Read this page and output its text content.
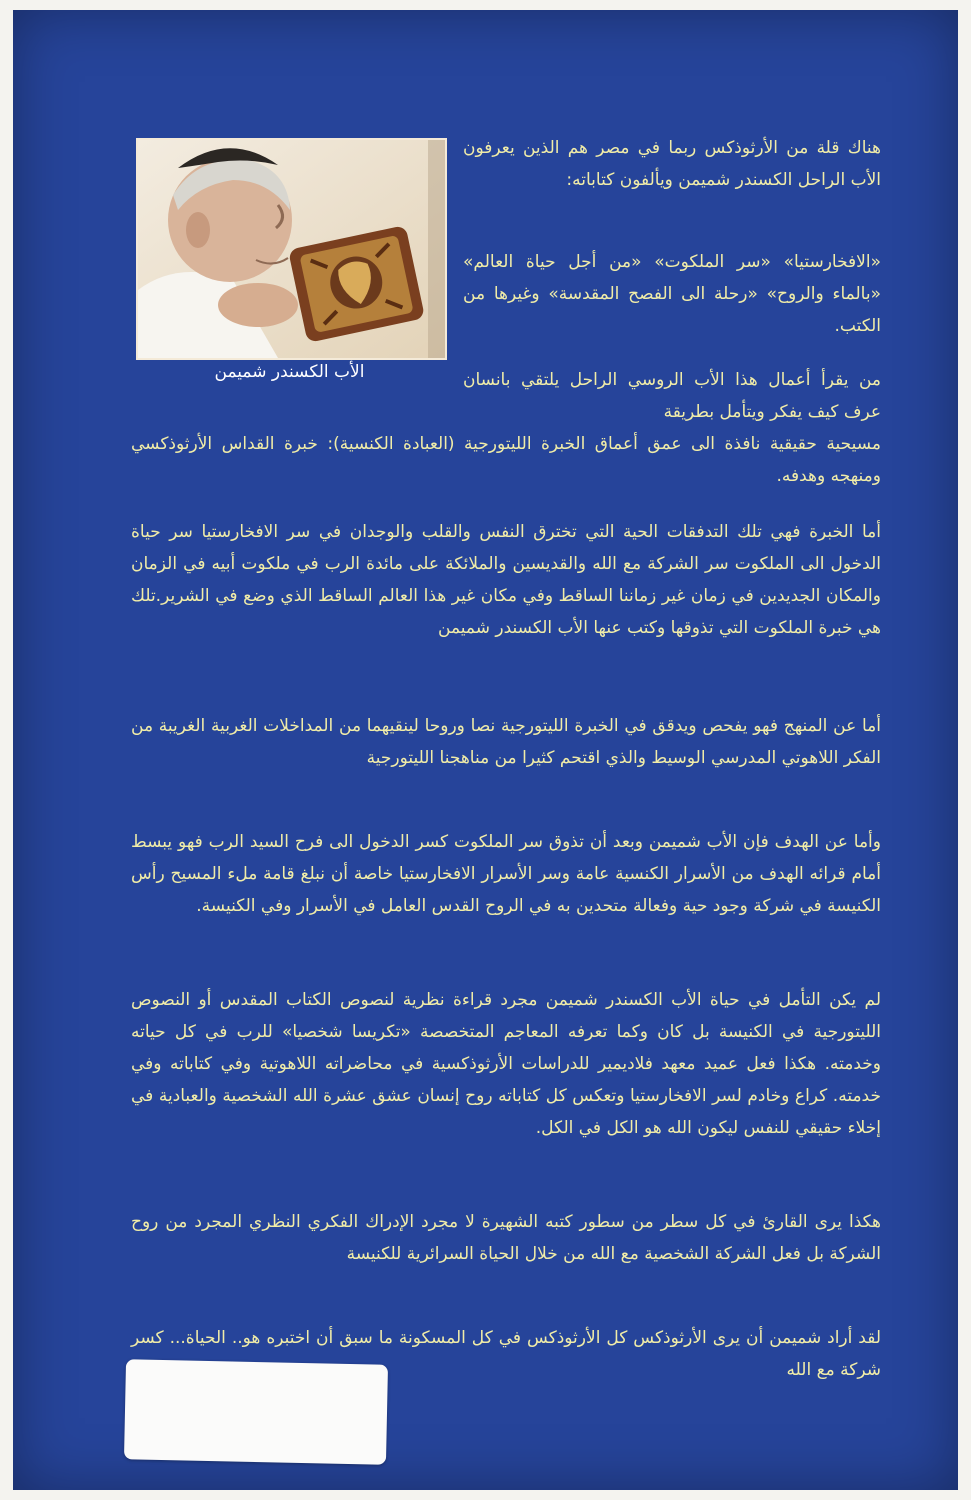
الأب الكسندر شميمن

هناك قلة من الأرثوذكس ربما في مصر هم الذين يعرفون الأب الراحل الكسندر شميمن ويألفون كتاباته:

«الافخارستيا» «سر الملكوت» «من أجل حياة العالم» «بالماء والروح» «رحلة الى الفصح المقدسة» وغيرها من الكتب.

من يقرأ أعمال هذا الأب الروسي الراحل يلتقي بانسان عرف كيف يفكر ويتأمل بطريقة

مسيحية حقيقية نافذة الى عمق أعماق الخبرة الليتورجية (العبادة الكنسية): خبرة القداس الأرثوذكسي ومنهجه وهدفه.

أما الخبرة فهي تلك التدفقات الحية التي تخترق النفس والقلب والوجدان في سر الافخارستيا سر حياة الدخول الى الملكوت سر الشركة مع الله والقديسين والملائكة على مائدة الرب في ملكوت أبيه في الزمان والمكان الجديدين في زمان غير زماننا الساقط وفي مكان غير هذا العالم الساقط الذي وضع في الشرير.تلك هي خبرة الملكوت التي تذوقها وكتب عنها الأب الكسندر شميمن

أما عن المنهج فهو يفحص ويدقق في الخبرة الليتورجية نصا وروحا لينقيهما من المداخلات الغربية الغريبة من الفكر اللاهوتي المدرسي الوسيط والذي اقتحم كثيرا من مناهجنا الليتورجية

وأما عن الهدف فإن الأب شميمن وبعد أن تذوق سر الملكوت كسر الدخول الى فرح السيد الرب فهو يبسط أمام قرائه الهدف من الأسرار الكنسية عامة وسر الأسرار الافخارستيا خاصة أن نبلغ قامة ملء المسيح رأس الكنيسة في شركة وجود حية وفعالة متحدين به في الروح القدس العامل في الأسرار وفي الكنيسة.

لم يكن التأمل في حياة الأب الكسندر شميمن مجرد قراءة نظرية لنصوص الكتاب المقدس أو النصوص الليتورجية في الكنيسة بل كان وكما تعرفه المعاجم المتخصصة «تكريسا شخصيا» للرب في كل حياته وخدمته. هكذا فعل عميد معهد فلاديمير للدراسات الأرثوذكسية في محاضراته اللاهوتية وفي كتاباته وفي خدمته. كراع وخادم لسر الافخارستيا وتعكس كل كتاباته روح إنسان عشق عشرة الله الشخصية والعبادية في إخلاء حقيقي للنفس ليكون الله هو الكل في الكل.

هكذا يرى القارئ في كل سطر من سطور كتبه الشهيرة لا مجرد الإدراك الفكري النظري المجرد من روح الشركة بل فعل الشركة الشخصية مع الله من خلال الحياة السرائرية للكنيسة

لقد أراد شميمن أن يرى الأرثوذكس كل الأرثوذكس في كل المسكونة ما سبق أن اختبره هو.. الحياة... كسر شركة مع الله
